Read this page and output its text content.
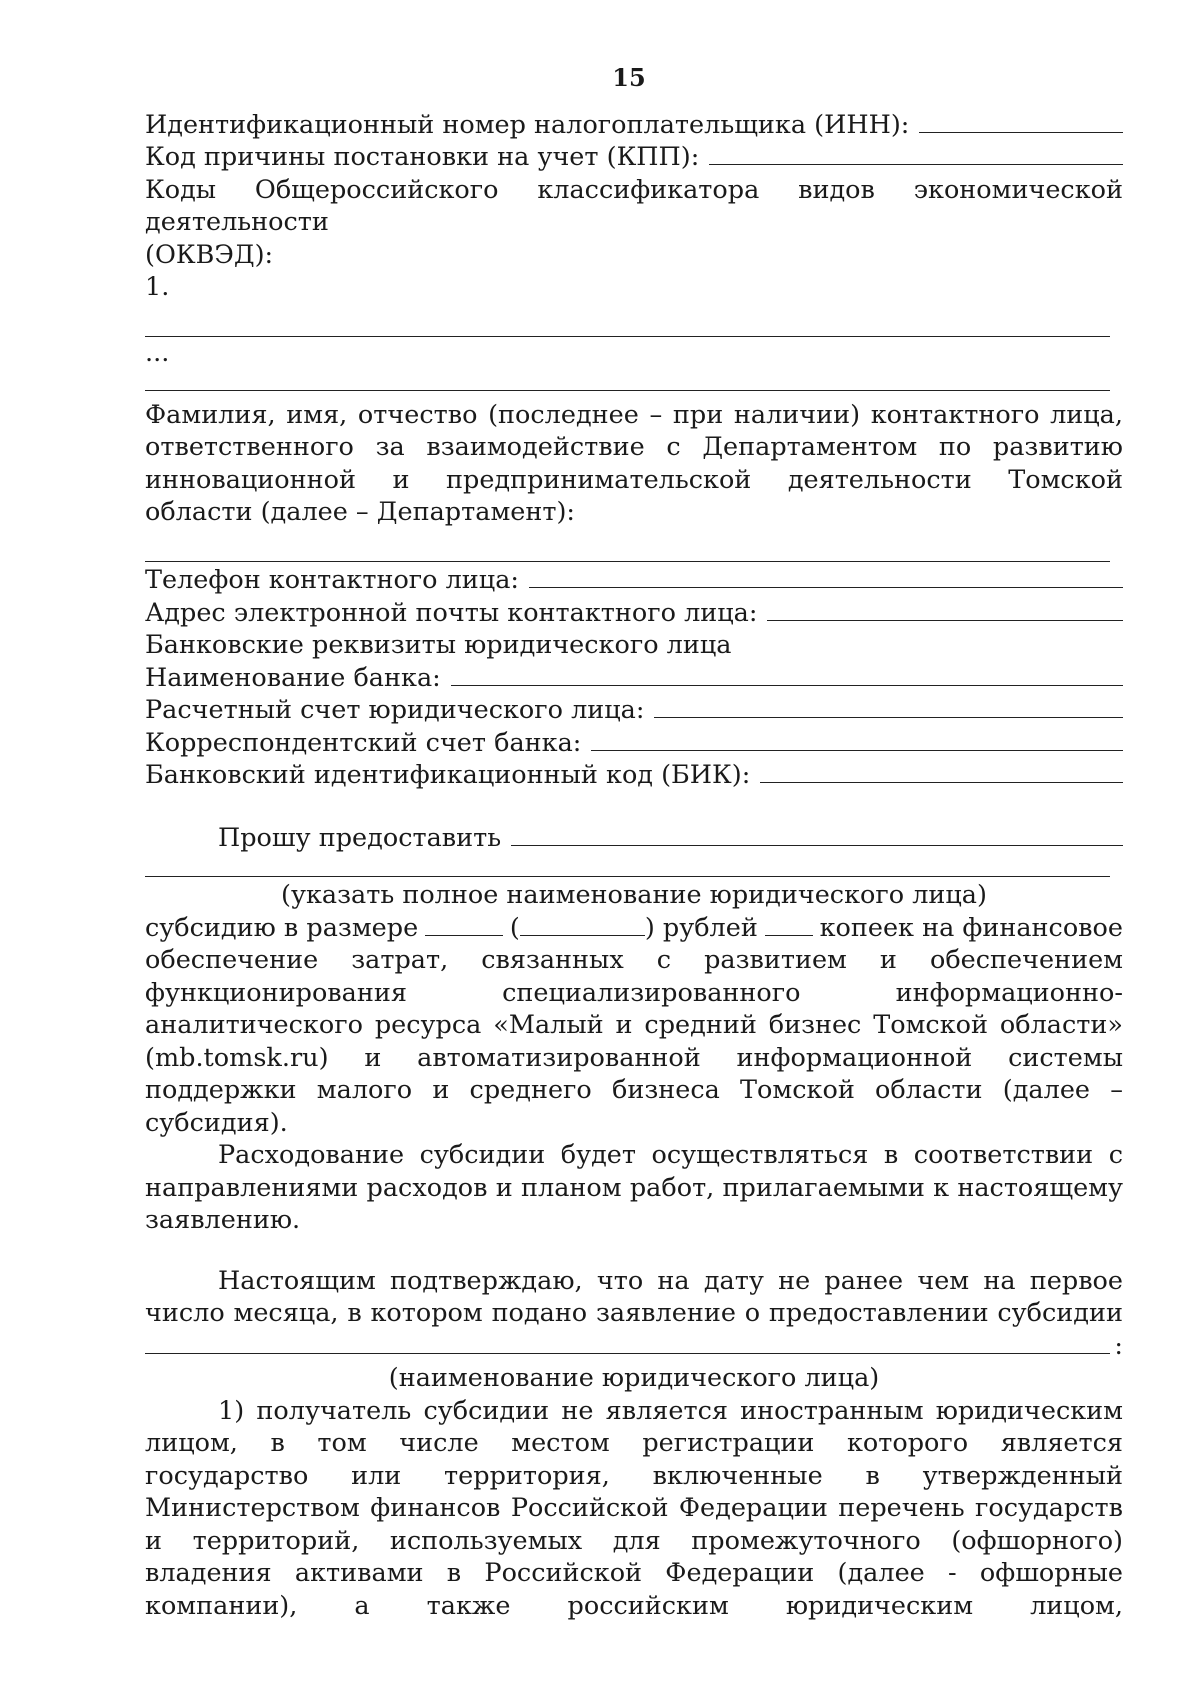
15
Идентификационный номер налогоплательщика (ИНН):
Код причины постановки на учет (КПП):

Коды Общероссийского классификатора видов экономической деятельности

(ОКВЭД):

1.

...

Фамилия, имя, отчество (последнее – при наличии) контактного лица, ответственного за взаимодействие с Департаментом по развитию инновационной и предпринимательской деятельности Томской области (далее – Департамент):

Телефон контактного лица:
Адрес электронной почты контактного лица:

Банковские реквизиты юридического лица

Наименование банка:
Расчетный счет юридического лица:
Корреспондентский счет банка:
Банковский идентификационный код (БИК):
Прошу предоставить

(указать полное наименование юридического лица)

субсидию в размере	(	) рублей копеек на финансовое

обеспечение затрат, связанных с развитием и обеспечением функционирования специализированного информационно-аналитического ресурса «Малый и средний бизнес Томской области» (mb.tomsk.ru) и автоматизированной информационной системы поддержки малого и среднего бизнеса Томской области (далее – субсидия).

Расходование субсидии будет осуществляться в соответствии с направлениями расходов и планом работ, прилагаемыми к настоящему заявлению.

Настоящим подтверждаю, что на дату не ранее чем на первое число месяца, в котором подано заявление о предоставлении субсидии

:

(наименование юридического лица)

1) получатель субсидии не является иностранным юридическим лицом, в том числе местом регистрации которого является государство или территория, включенные в утвержденный Министерством финансов Российской Федерации перечень государств и территорий, используемых для промежуточного (офшорного) владения активами в Российской Федерации (далее - офшорные компании), а также российским юридическим лицом,
